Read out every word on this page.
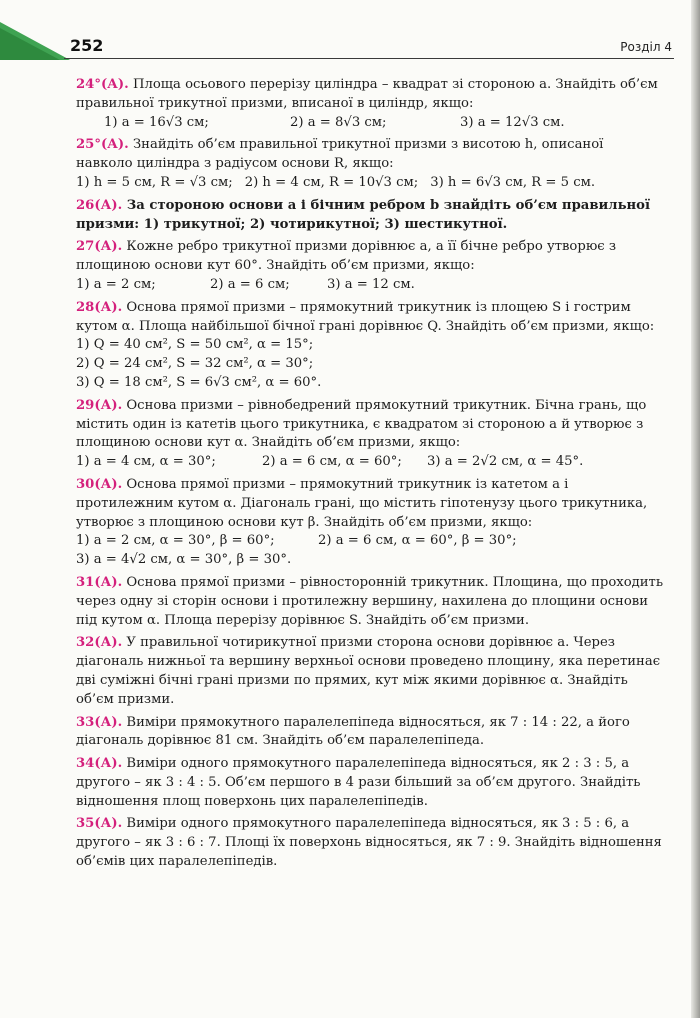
252	Розділ 4
24°(А). Площа осьового перерізу циліндра – квадрат зі стороною a. Знайдіть об’єм правильної трикутної призми, вписаної в циліндр, якщо:
1) a = 16√3 см;	2) a = 8√3 см;	3) a = 12√3 см.
25°(А). Знайдіть об’єм правильної трикутної призми з висотою h, описаної навколо циліндра з радіусом основи R, якщо:
1) h = 5 см, R = √3 см; 2) h = 4 см, R = 10√3 см; 3) h = 6√3 см, R = 5 см.
26(А). За стороною основи a і бічним ребром b знайдіть об’єм правильної призми: 1) трикутної; 2) чотирикутної; 3) шестикутної.
27(А). Кожне ребро трикутної призми дорівнює a, а її бічне ребро утворює з площиною основи кут 60°. Знайдіть об’єм призми, якщо:
1) a = 2 см;	2) a = 6 см;	3) a = 12 см.
28(А). Основа прямої призми – прямокутний трикутник із площею S і гострим кутом α. Площа найбільшої бічної грані дорівнює Q. Знайдіть об’єм призми, якщо:
1) Q = 40 см², S = 50 см², α = 15°;
2) Q = 24 см², S = 32 см², α = 30°;
3) Q = 18 см², S = 6√3 см², α = 60°.
29(А). Основа призми – рівнобедрений прямокутний трикутник. Бічна грань, що містить один із катетів цього трикутника, є квадратом зі стороною a й утворює з площиною основи кут α. Знайдіть об’єм призми, якщо:
1) a = 4 см, α = 30°;	2) a = 6 см, α = 60°;	3) a = 2√2 см, α = 45°.
30(А). Основа прямої призми – прямокутний трикутник із катетом a і протилежним кутом α. Діагональ грані, що містить гіпотенузу цього трикутника, утворює з площиною основи кут β. Знайдіть об’єм призми, якщо:
1) a = 2 см, α = 30°, β = 60°;	2) a = 6 см, α = 60°, β = 30°;
3) a = 4√2 см, α = 30°, β = 30°.
31(А). Основа прямої призми – рівносторонній трикутник. Площина, що проходить через одну зі сторін основи і протилежну вершину, нахилена до площини основи під кутом α. Площа перерізу дорівнює S. Знайдіть об’єм призми.
32(А). У правильної чотирикутної призми сторона основи дорівнює a. Через діагональ нижньої та вершину верхньої основи проведено площину, яка перетинає дві суміжні бічні грані призми по прямих, кут між якими дорівнює α. Знайдіть об’єм призми.
33(А). Виміри прямокутного паралелепіпеда відносяться, як 7 : 14 : 22, а його діагональ дорівнює 81 см. Знайдіть об’єм паралелепіпеда.
34(А). Виміри одного прямокутного паралелепіпеда відносяться, як 2 : 3 : 5, а другого – як 3 : 4 : 5. Об’єм першого в 4 рази більший за об’єм другого. Знайдіть відношення площ поверхонь цих паралелепіпедів.
35(А). Виміри одного прямокутного паралелепіпеда відносяться, як 3 : 5 : 6, а другого – як 3 : 6 : 7. Площі їх поверхонь відносяться, як 7 : 9. Знайдіть відношення об’ємів цих паралелепіпедів.
